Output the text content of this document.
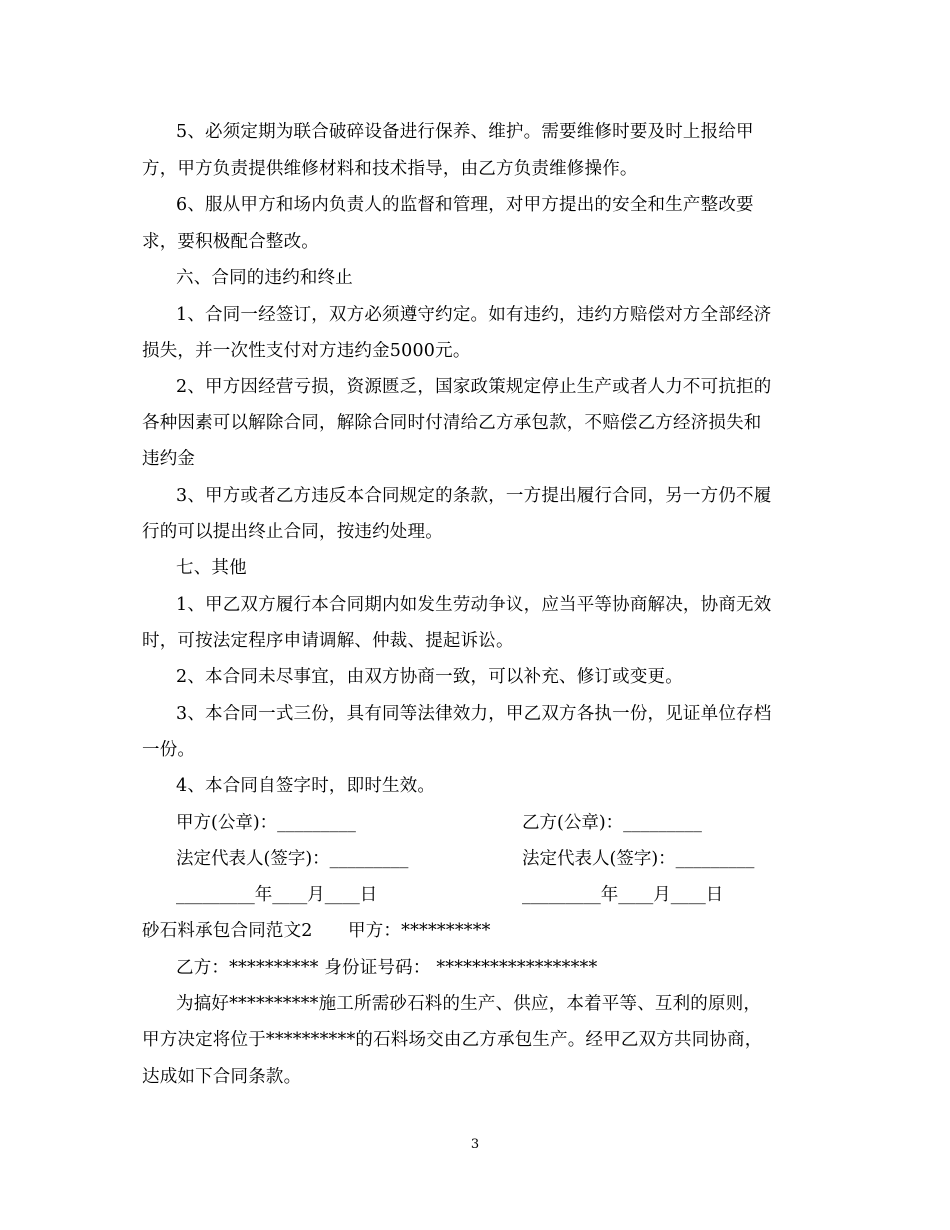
5、必须定期为联合破碎设备进行保养、维护。需要维修时要及时上报给甲
方，甲方负责提供维修材料和技术指导，由乙方负责维修操作。
6、服从甲方和场内负责人的监督和管理，对甲方提出的安全和生产整改要
求，要积极配合整改。
六、合同的违约和终止
1、合同一经签订，双方必须遵守约定。如有违约，违约方赔偿对方全部经济
损失，并一次性支付对方违约金5000元。
2、甲方因经营亏损，资源匮乏，国家政策规定停止生产或者人力不可抗拒的
各种因素可以解除合同，解除合同时付清给乙方承包款，不赔偿乙方经济损失和
违约金
3、甲方或者乙方违反本合同规定的条款，一方提出履行合同，另一方仍不履
行的可以提出终止合同，按违约处理。
七、其他
1、甲乙双方履行本合同期内如发生劳动争议，应当平等协商解决，协商无效
时，可按法定程序申请调解、仲裁、提起诉讼。
2、本合同未尽事宜，由双方协商一致，可以补充、修订或变更。
3、本合同一式三份，具有同等法律效力，甲乙双方各执一份，见证单位存档
一份。
4、本合同自签字时，即时生效。
甲方(公章)：_________	乙方(公章)：_________
法定代表人(签字)：_________	法定代表人(签字)：_________
_________年____月____日	_________年____月____日
砂石料承包合同范文2　　甲方：**********
乙方：********** 身份证号码： ******************
为搞好**********施工所需砂石料的生产、供应，本着平等、互利的原则，
甲方决定将位于**********的石料场交由乙方承包生产。经甲乙双方共同协商，
达成如下合同条款。
3
